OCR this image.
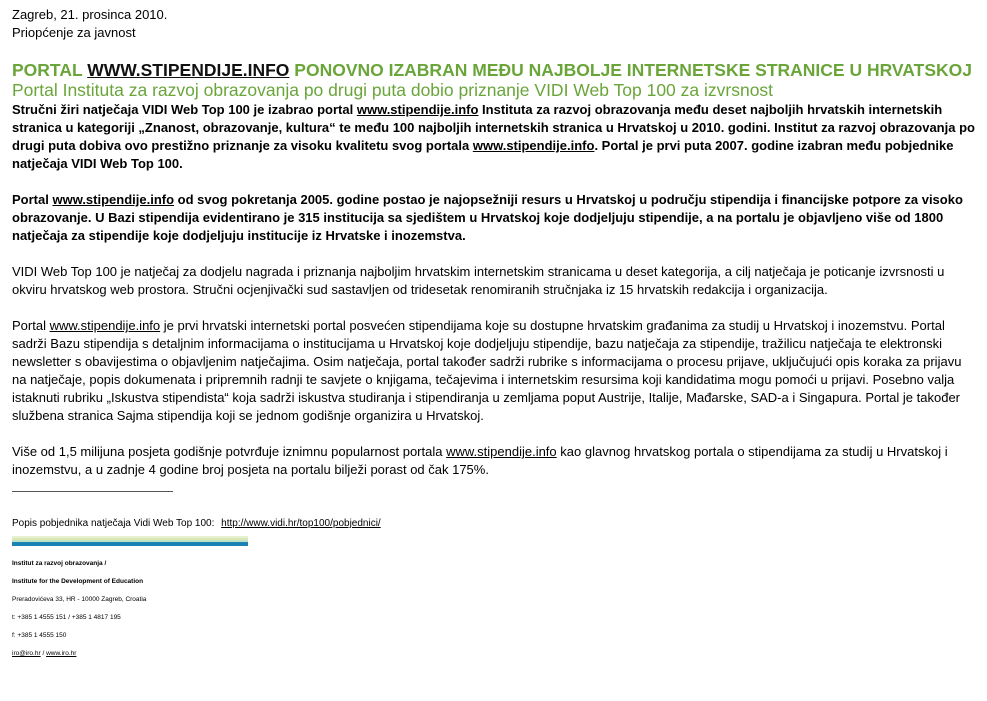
Zagreb, 21. prosinca 2010.
Priopćenje za javnost
PORTAL WWW.STIPENDIJE.INFO PONOVNO IZABRAN MEĐU NAJBOLJE INTERNETSKE STRANICE U HRVATSKOJ
Portal Instituta za razvoj obrazovanja po drugi puta dobio priznanje VIDI Web Top 100 za izvrsnost

Stručni žiri natječaja VIDI Web Top 100 je izabrao portal www.stipendije.info Instituta za razvoj obrazovanja među deset najboljih hrvatskih internetskih stranica u kategoriji „Znanost, obrazovanje, kultura“ te među 100 najboljih internetskih stranica u Hrvatskoj u 2010. godini. Institut za razvoj obrazovanja po drugi puta dobiva ovo prestižno priznanje za visoku kvalitetu svog portala www.stipendije.info. Portal je prvi puta 2007. godine izabran među pobjednike natječaja VIDI Web Top 100.

Portal www.stipendije.info od svog pokretanja 2005. godine postao je najopsežniji resurs u Hrvatskoj u području stipendija i financijske potpore za visoko obrazovanje. U Bazi stipendija evidentirano je 315 institucija sa sjedištem u Hrvatskoj koje dodjeljuju stipendije, a na portalu je objavljeno više od 1800 natječaja za stipendije koje dodjeljuju institucije iz Hrvatske i inozemstva.

VIDI Web Top 100 je natječaj za dodjelu nagrada i priznanja najboljim hrvatskim internetskim stranicama u deset kategorija, a cilj natječaja je poticanje izvrsnosti u okviru hrvatskog web prostora. Stručni ocjenjivački sud sastavljen od tridesetak renomiranih stručnjaka iz 15 hrvatskih redakcija i organizacija.

Portal www.stipendije.info je prvi hrvatski internetski portal posvećen stipendijama koje su dostupne hrvatskim građanima za studij u Hrvatskoj i inozemstvu. Portal sadrži Bazu stipendija s detaljnim informacijama o institucijama u Hrvatskoj koje dodjeljuju stipendije, bazu natječaja za stipendije, tražilicu natječaja te elektronski newsletter s obavijestima o objavljenim natječajima. Osim natječaja, portal također sadrži rubrike s informacijama o procesu prijave, uključujući opis koraka za prijavu na natječaje, popis dokumenata i pripremnih radnji te savjete o knjigama, tečajevima i internetskim resursima koji kandidatima mogu pomoći u prijavi. Posebno valja istaknuti rubriku „Iskustva stipendista“ koja sadrži iskustva studiranja i stipendiranja u zemljama poput Austrije, Italije, Mađarske, SAD-a i Singapura. Portal je također službena stranica Sajma stipendija koji se jednom godišnje organizira u Hrvatskoj.

Više od 1,5 milijuna posjeta godišnje potvrđuje iznimnu popularnost portala www.stipendije.info kao glavnog hrvatskog portala o stipendijama za studij u Hrvatskoj i inozemstvu, a u zadnje 4 godine broj posjeta na portalu bilježi porast od čak 175%.

Popis pobjednika natječaja Vidi Web Top 100: http://www.vidi.hr/top100/pobjednici/
Institut za razvoj obrazovanja /
Institute for the Development of Education
Preradovićeva 33, HR - 10000 Zagreb, Croatia
t: +385 1 4555 151 / +385 1 4817 195
f: +385 1 4555 150
iro@iro.hr / www.iro.hr
